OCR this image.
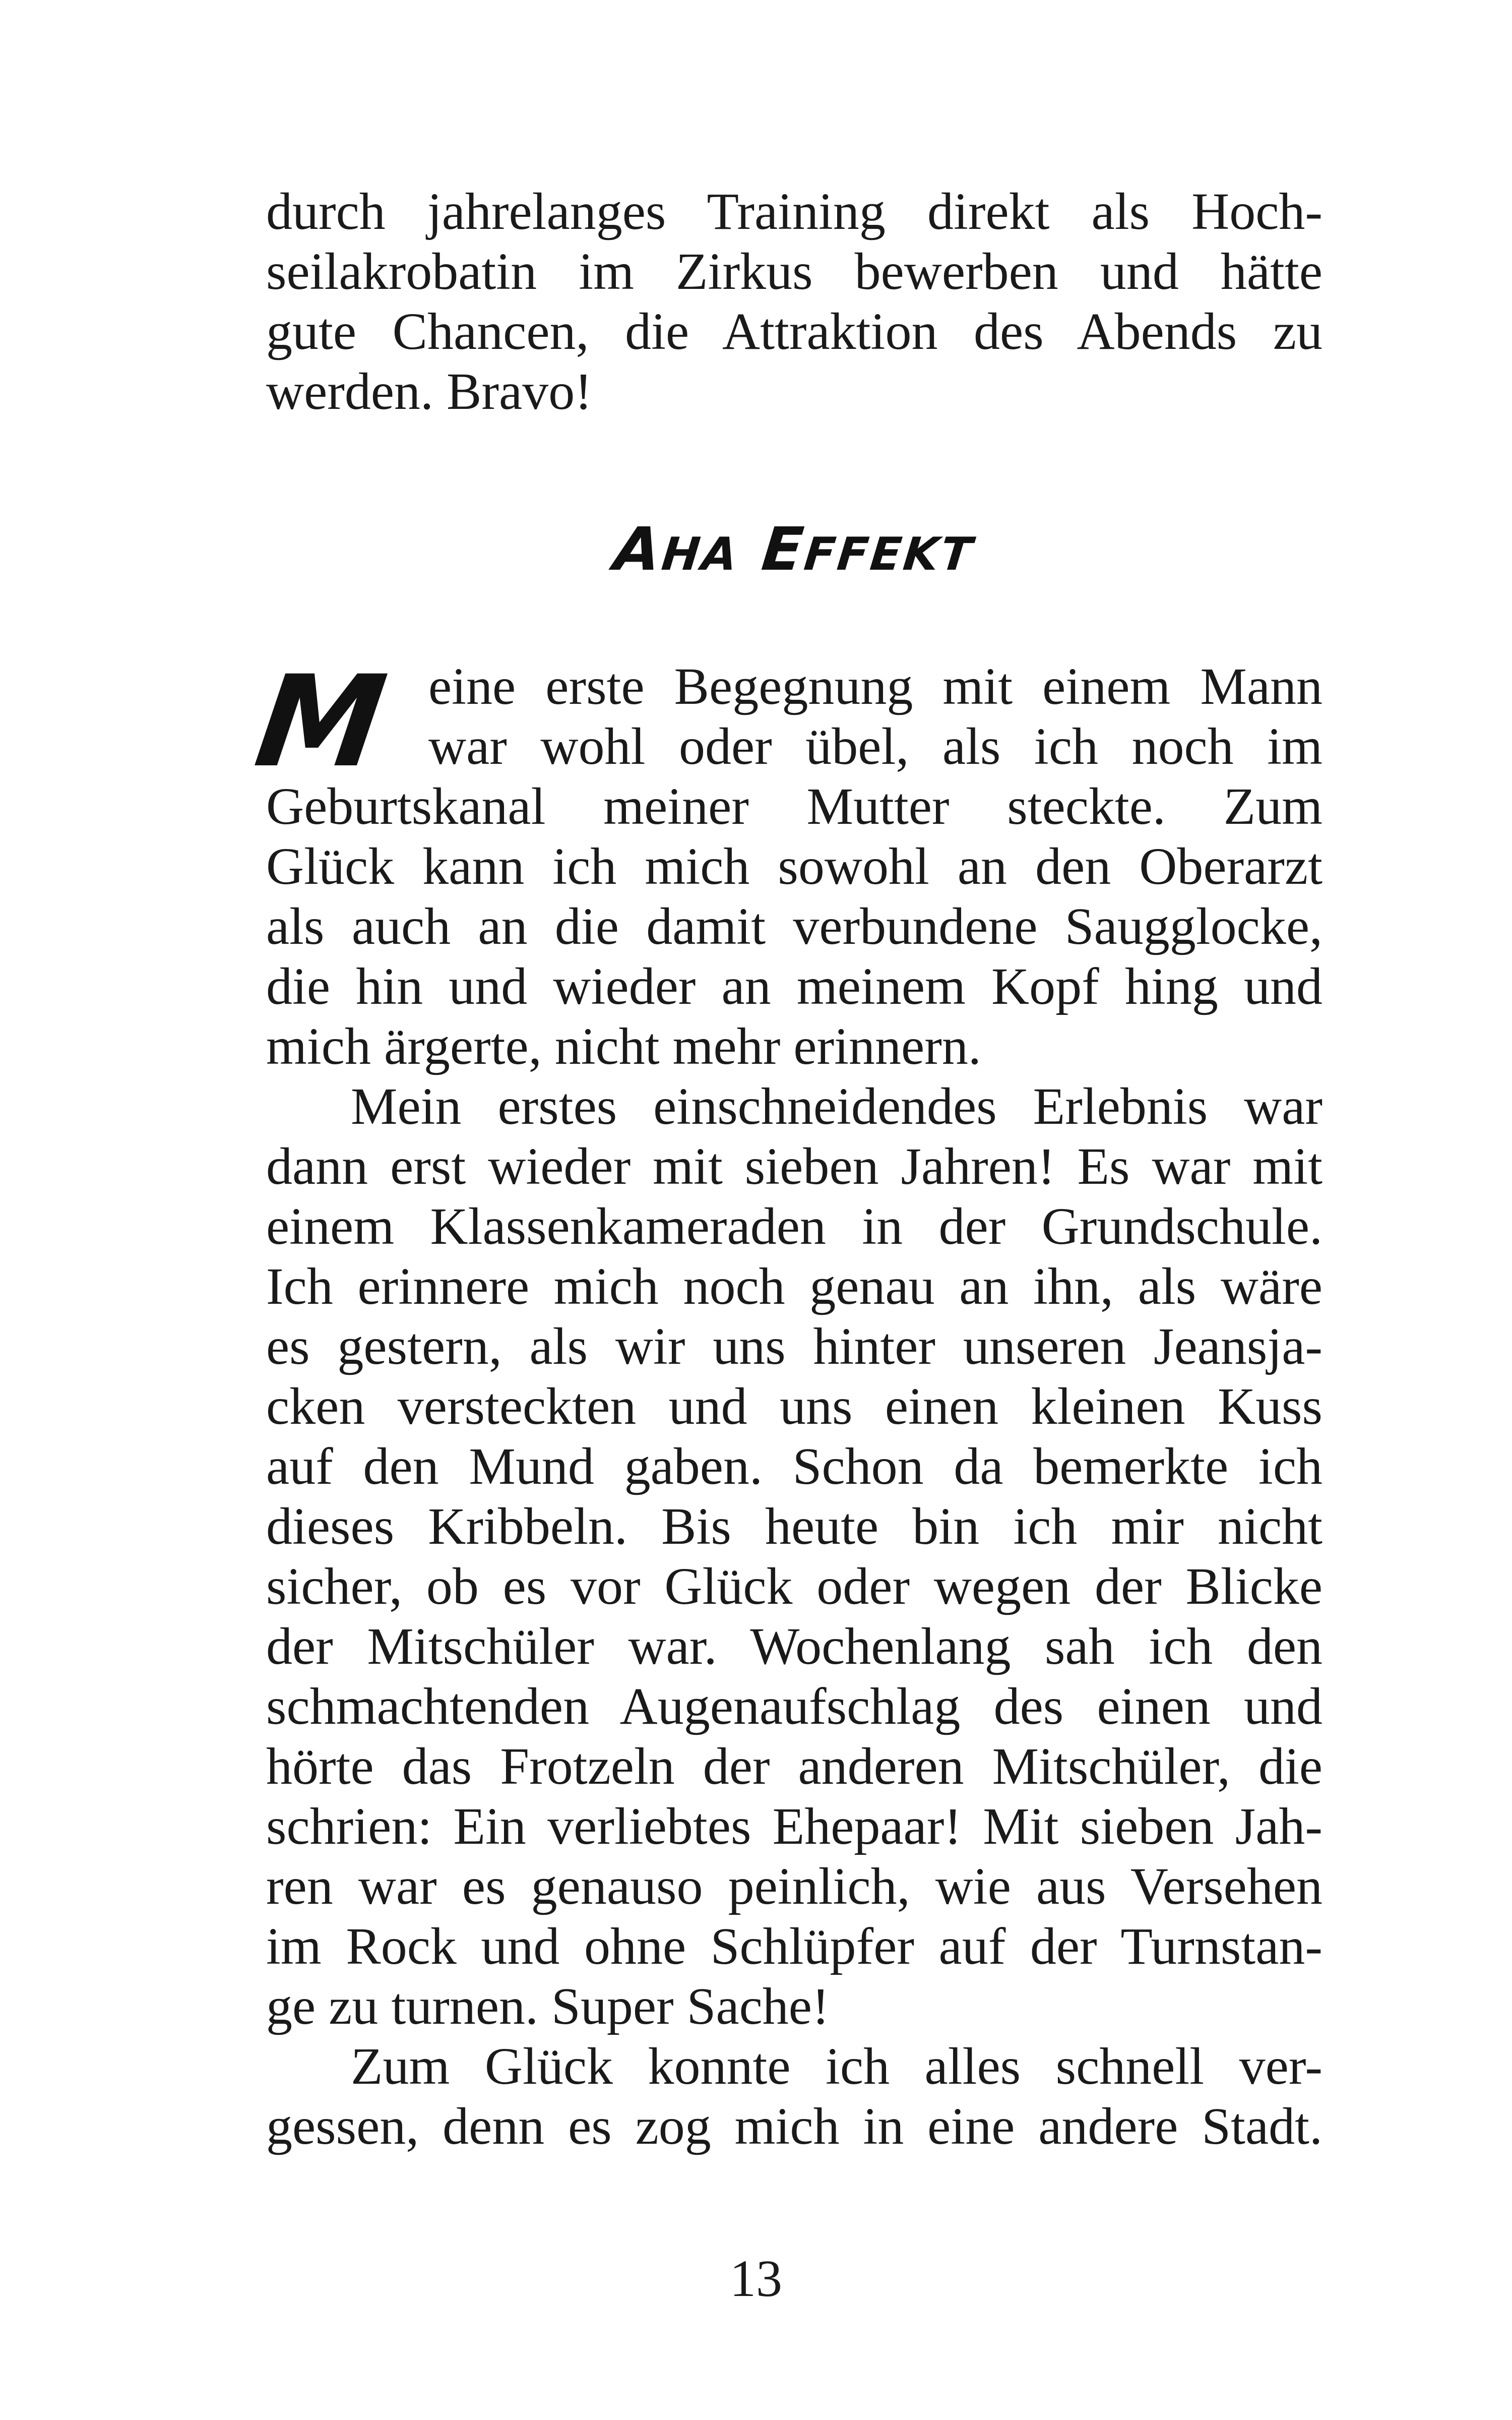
durch jahrelanges Training direkt als Hoch-
seilakrobatin im Zirkus bewerben und hätte
gute Chancen, die Attraktion des Abends zu
werden. Bravo!
AHA EFFEKT
M eine erste Begegnung mit einem Mann
war wohl oder übel, als ich noch im
Geburtskanal meiner Mutter steckte. Zum
Glück kann ich mich sowohl an den Oberarzt
als auch an die damit verbundene Saugglocke,
die hin und wieder an meinem Kopf hing und
mich ärgerte, nicht mehr erinnern.
Mein erstes einschneidendes Erlebnis war
dann erst wieder mit sieben Jahren! Es war mit
einem Klassenkameraden in der Grundschule.
Ich erinnere mich noch genau an ihn, als wäre
es gestern, als wir uns hinter unseren Jeansja-
cken versteckten und uns einen kleinen Kuss
auf den Mund gaben. Schon da bemerkte ich
dieses Kribbeln. Bis heute bin ich mir nicht
sicher, ob es vor Glück oder wegen der Blicke
der Mitschüler war. Wochenlang sah ich den
schmachtenden Augenaufschlag des einen und
hörte das Frotzeln der anderen Mitschüler, die
schrien: Ein verliebtes Ehepaar! Mit sieben Jah-
ren war es genauso peinlich, wie aus Versehen
im Rock und ohne Schlüpfer auf der Turnstan-
ge zu turnen. Super Sache!
Zum Glück konnte ich alles schnell ver-
gessen, denn es zog mich in eine andere Stadt.

13
